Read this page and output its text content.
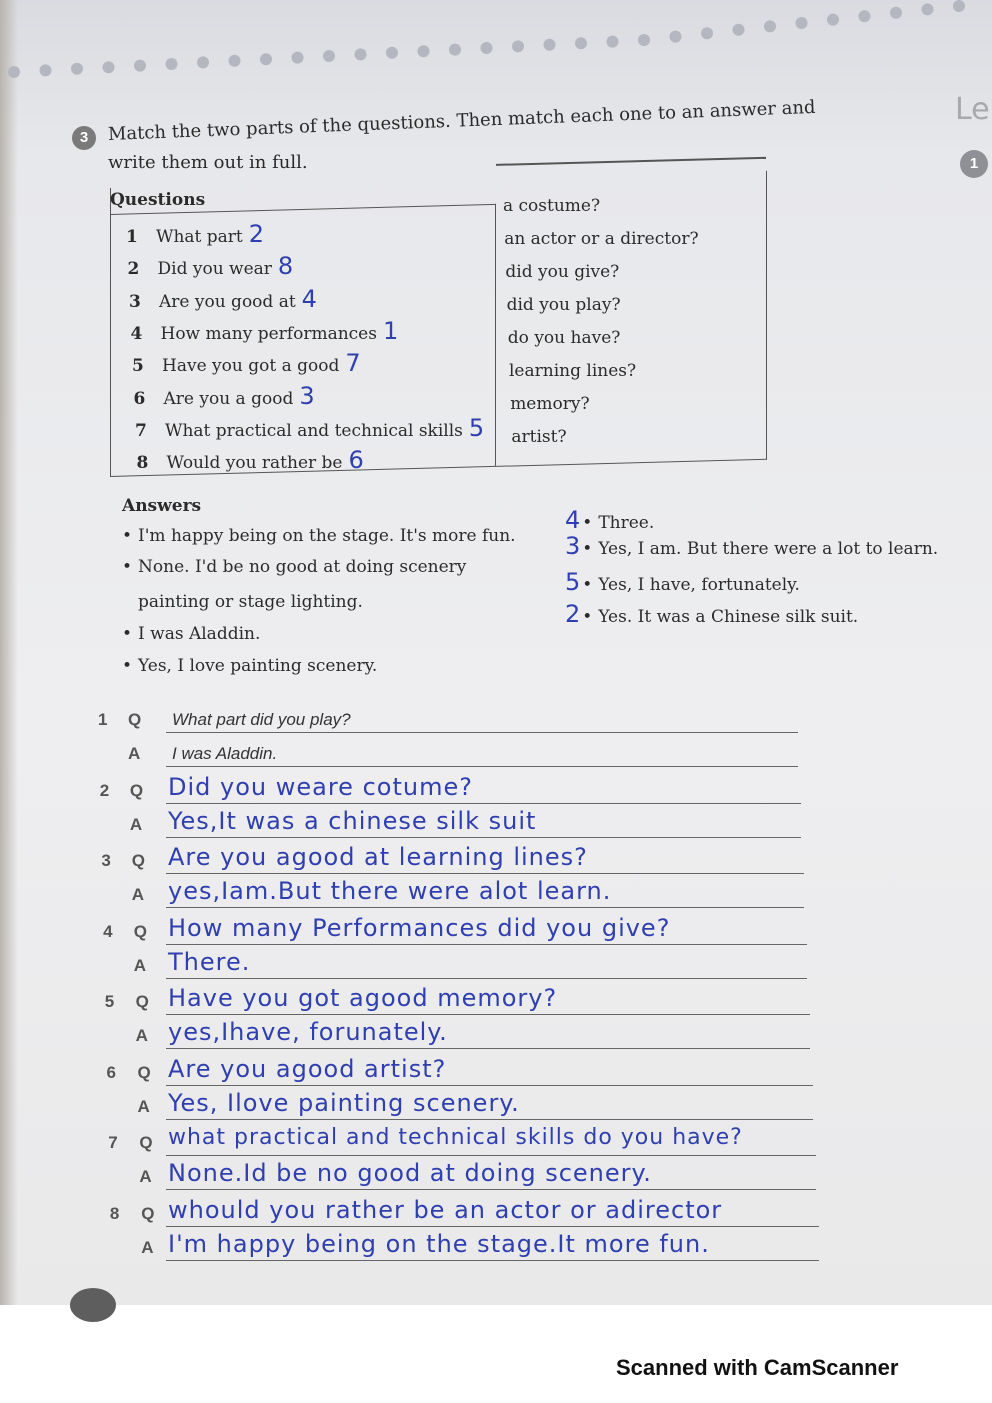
3	Match the two parts of the questions. Then match each one to an answer and
write them out in full.
Le
1
Questions
1 What part 2
2 Did you wear 8
3 Are you good at 4
4 How many performances 1
5 Have you got a good 7
6 Are you a good 3
7 What practical and technical skills 5
8 Would you rather be 6
a costume?
an actor or a director?
did you give?
did you play?
do you have?
learning lines?
memory?
artist?
Answers
• I'm happy being on the stage. It's more fun.
• None. I'd be no good at doing scenery
painting or stage lighting.
• I was Aladdin.
• Yes, I love painting scenery.
4 • Three.
3 • Yes, I am. But there were a lot to learn.
5 • Yes, I have, fortunately.
2 • Yes. It was a Chinese silk suit.
1 Q
A
What part did you play?
I was Aladdin.
2 Q
A
Did you weare cotume?
Yes,It was a chinese silk suit
3 Q
A
Are you agood at learning lines?
yes,Iam.But there were alot learn.
4 Q
A
How many Performances did you give?
There.
5 Q
A
Have you got agood memory?
yes,Ihave, forunately.
6 Q
A
Are you agood artist?
Yes, Ilove painting scenery.
7 Q
A
what practical and technical skills do you have?
None.Id be no good at doing scenery.
8 Q
A
whould you rather be an actor or adirector
I'm happy being on the stage.It more fun.
Scanned with CamScanner
